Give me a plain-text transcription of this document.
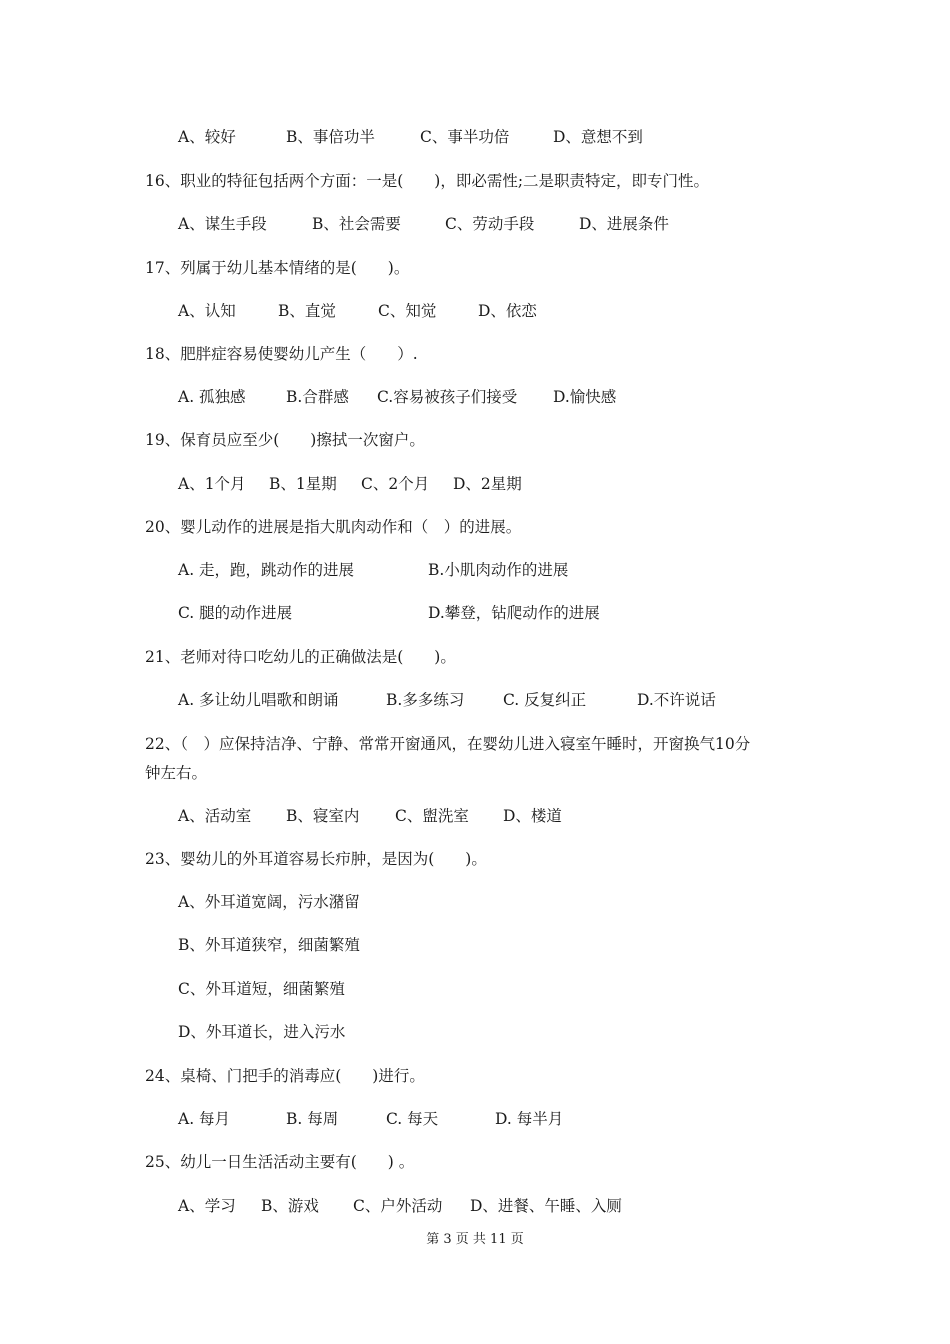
A、较好	B、事倍功半	C、事半功倍	D、意想不到
16、职业的特征包括两个方面：一是(　　)，即必需性;二是职责特定，即专门性。
A、谋生手段	B、社会需要	C、劳动手段	D、进展条件
17、列属于幼儿基本情绪的是(　　)。
A、认知	B、直觉	C、知觉	D、依恋
18、肥胖症容易使婴幼儿产生（　　）.
A. 孤独感	B.合群感 C.容易被孩子们接受 D.愉快感
19、保育员应至少(　　)擦拭一次窗户。
A、1个月 B、1星期 C、2个月 D、2星期
20、婴儿动作的进展是指大肌肉动作和（　）的进展。
A. 走，跑，跳动作的进展	B.小肌肉动作的进展
C. 腿的动作进展	D.攀登，钻爬动作的进展
21、老师对待口吃幼儿的正确做法是(　　)。
A. 多让幼儿唱歌和朗诵	B.多多练习 C. 反复纠正	D.不许说话
22、（　）应保持洁净、宁静、常常开窗通风，在婴幼儿进入寝室午睡时，开窗换气10分
钟左右。
A、活动室 B、寝室内 C、盥洗室 D、楼道
23、婴幼儿的外耳道容易长疖肿，是因为(　　)。
A、外耳道宽阔，污水潴留
B、外耳道狭窄，细菌繁殖
C、外耳道短，细菌繁殖
D、外耳道长，进入污水
24、桌椅、门把手的消毒应(　　)进行。
A. 每月	B. 每周	C. 每天	D. 每半月
25、幼儿一日生活活动主要有(　　) 。
A、学习 B、游戏 C、户外活动 D、进餐、午睡、入厕
第 3 页 共 11 页
